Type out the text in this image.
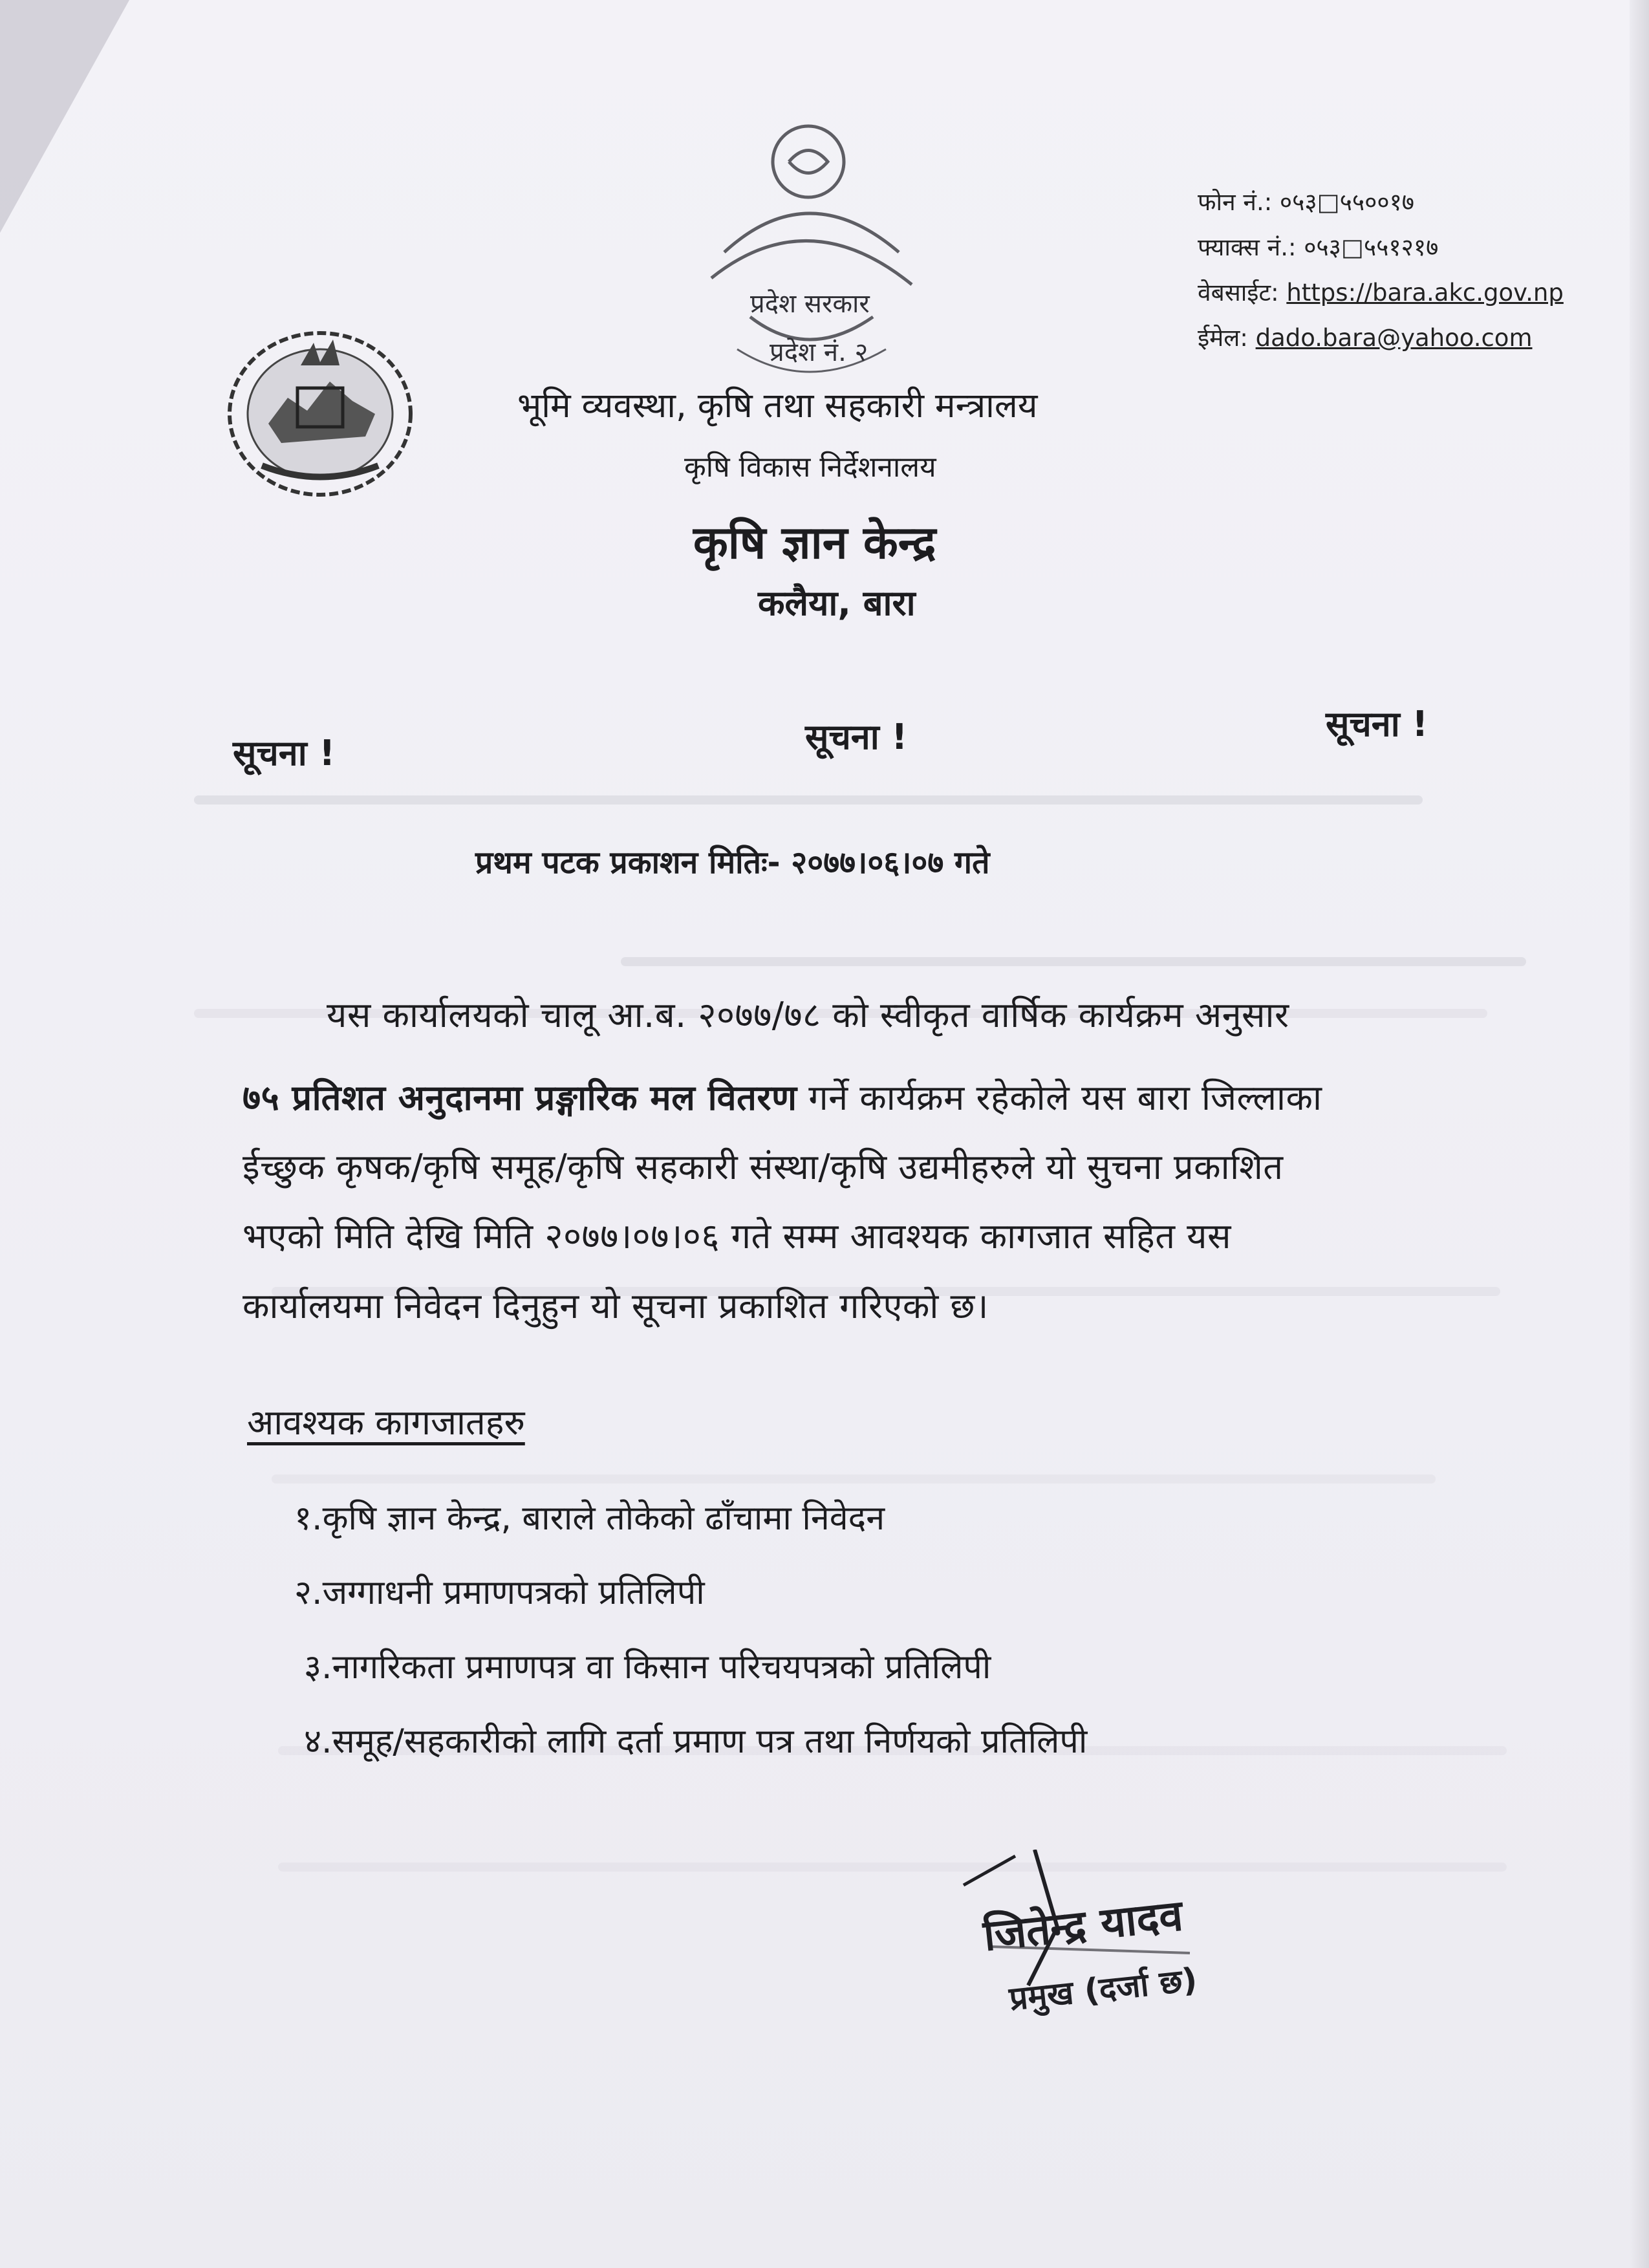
प्रदेश सरकार
प्रदेश नं. २
फोन नं.: ०५३□५५००१७
फ्याक्स नं.: ०५३□५५१२१७
वेबसाईट: https://bara.akc.gov.np
ईमेल: dado.bara@yahoo.com
भूमि व्यवस्था, कृषि तथा सहकारी मन्त्रालय
कृषि विकास निर्देशनालय
कृषि ज्ञान केन्द्र
कलैया, बारा
सूचना !	सूचना !	सूचना !
प्रथम पटक प्रकाशन मितिः- २०७७।०६।०७ गते
यस कार्यालयको चालू आ.ब. २०७७/७८ को स्वीकृत वार्षिक कार्यक्रम अनुसार
७५ प्रतिशत अनुदानमा प्रङ्गारिक मल वितरण गर्ने कार्यक्रम रहेकोले यस बारा जिल्लाका
ईच्छुक कृषक/कृषि समूह/कृषि सहकारी संस्था/कृषि उद्यमीहरुले यो सुचना प्रकाशित
भएको मिति देखि मिति २०७७।०७।०६ गते सम्म आवश्यक कागजात सहित यस
कार्यालयमा निवेदन दिनुहुन यो सूचना प्रकाशित गरिएको छ।
आवश्यक कागजातहरु
१.कृषि ज्ञान केन्द्र, बाराले तोकेको ढाँचामा निवेदन
२.जग्गाधनी प्रमाणपत्रको प्रतिलिपी
३.नागरिकता प्रमाणपत्र वा किसान परिचयपत्रको प्रतिलिपी
४.समूह/सहकारीको लागि दर्ता प्रमाण पत्र तथा निर्णयको प्रतिलिपी
जितेन्द्र यादव
प्रमुख (दर्जा छ)
